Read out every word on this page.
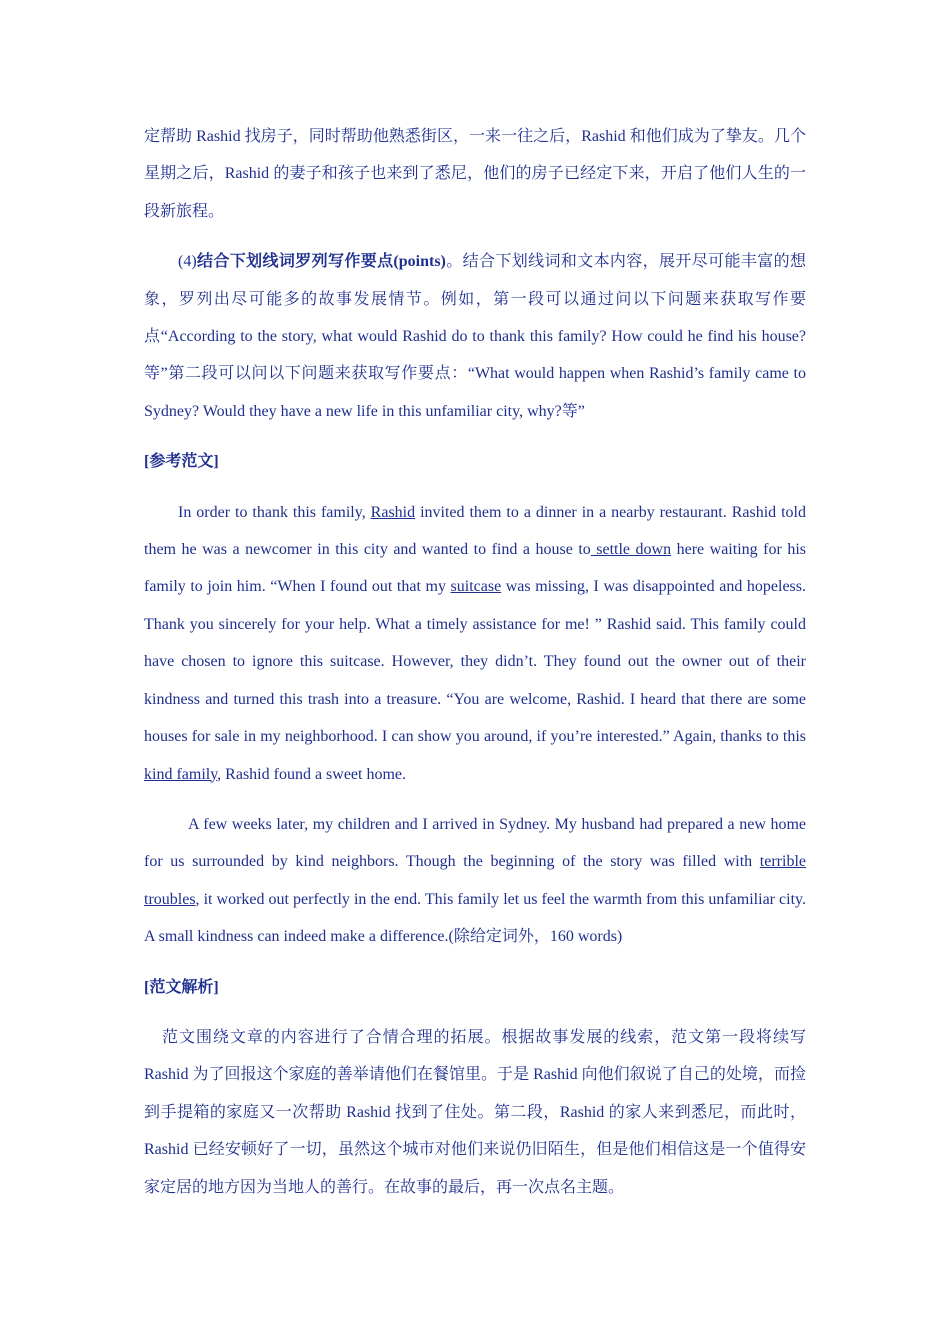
定帮助 Rashid 找房子，同时帮助他熟悉街区，一来一往之后，Rashid 和他们成为了挚友。几个星期之后，Rashid 的妻子和孩子也来到了悉尼，他们的房子已经定下来，开启了他们人生的一段新旅程。

(4)结合下划线词罗列写作要点(points)。结合下划线词和文本内容，展开尽可能丰富的想象，罗列出尽可能多的故事发展情节。例如，第一段可以通过问以下问题来获取写作要点“According to the story, what would Rashid do to thank this family? How could he find his house?等”第二段可以问以下问题来获取写作要点：“What would happen when Rashid’s family came to Sydney? Would they have a new life in this unfamiliar city, why?等”

[参考范文]

In order to thank this family, Rashid invited them to a dinner in a nearby restaurant. Rashid told them he was a newcomer in this city and wanted to find a house to settle down here waiting for his family to join him. “When I found out that my suitcase was missing, I was disappointed and hopeless. Thank you sincerely for your help. What a timely assistance for me! ” Rashid said. This family could have chosen to ignore this suitcase. However, they didn’t. They found out the owner out of their kindness and turned this trash into a treasure. “You are welcome, Rashid. I heard that there are some houses for sale in my neighborhood. I can show you around, if you’re interested.” Again, thanks to this kind family, Rashid found a sweet home.

A few weeks later, my children and I arrived in Sydney. My husband had prepared a new home for us surrounded by kind neighbors. Though the beginning of the story was filled with terrible troubles, it worked out perfectly in the end. This family let us feel the warmth from this unfamiliar city. A small kindness can indeed make a difference.(除给定词外，160 words)

[范文解析]

范文围绕文章的内容进行了合情合理的拓展。根据故事发展的线索，范文第一段将续写 Rashid 为了回报这个家庭的善举请他们在餐馆里。于是 Rashid 向他们叙说了自己的处境，而捡到手提箱的家庭又一次帮助 Rashid 找到了住处。第二段，Rashid 的家人来到悉尼，而此时，Rashid 已经安顿好了一切，虽然这个城市对他们来说仍旧陌生，但是他们相信这是一个值得安家定居的地方因为当地人的善行。在故事的最后，再一次点名主题。
